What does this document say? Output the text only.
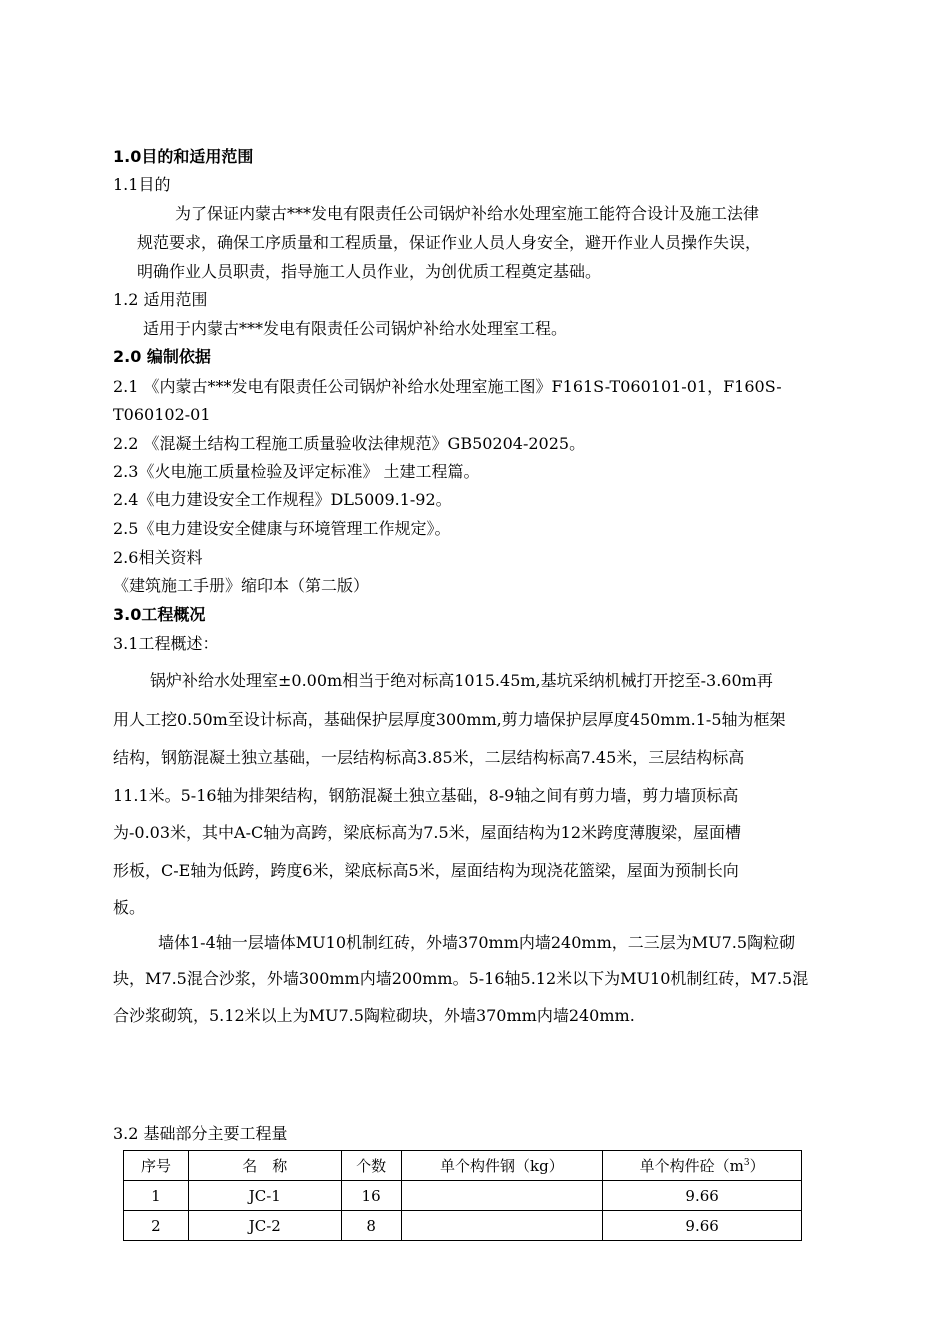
1.0目的和适用范围
1.1目的
为了保证内蒙古***发电有限责任公司锅炉补给水处理室施工能符合设计及施工法律
规范要求，确保工序质量和工程质量，保证作业人员人身安全，避开作业人员操作失误，
明确作业人员职责，指导施工人员作业，为创优质工程奠定基础。
1.2 适用范围
适用于内蒙古***发电有限责任公司锅炉补给水处理室工程。
2.0 编制依据
2.1 《内蒙古***发电有限责任公司锅炉补给水处理室施工图》F161S-T060101-01，F160S-
T060102-01
2.2 《混凝土结构工程施工质量验收法律规范》GB50204-2025。
2.3《火电施工质量检验及评定标准》 土建工程篇。
2.4《电力建设安全工作规程》DL5009.1-92。
2.5《电力建设安全健康与环境管理工作规定》。
2.6相关资料
《建筑施工手册》缩印本（第二版）
3.0工程概况
3.1工程概述：
锅炉补给水处理室±0.00m相当于绝对标高1015.45m,基坑采纳机械打开挖至-3.60m再
用人工挖0.50m至设计标高，基础保护层厚度300mm,剪力墙保护层厚度450mm.1-5轴为框架
结构，钢筋混凝土独立基础，一层结构标高3.85米，二层结构标高7.45米，三层结构标高
11.1米。5-16轴为排架结构，钢筋混凝土独立基础，8-9轴之间有剪力墙，剪力墙顶标高
为-0.03米，其中A-C轴为高跨，梁底标高为7.5米，屋面结构为12米跨度薄腹梁，屋面槽
形板，C-E轴为低跨，跨度6米，梁底标高5米，屋面结构为现浇花篮梁，屋面为预制长向
板。
墙体1-4轴一层墙体MU10机制红砖，外墙370mm内墙240mm，二三层为MU7.5陶粒砌
块，M7.5混合沙浆，外墙300mm内墙200mm。5-16轴5.12米以下为MU10机制红砖，M7.5混
合沙浆砌筑，5.12米以上为MU7.5陶粒砌块，外墙370mm内墙240mm.
3.2 基础部分主要工程量
序号	名　称	个数	单个构件钢（kg）	单个构件砼$(m^3)$
1	JC-1	16		9.66
2	JC-2	8		9.66
